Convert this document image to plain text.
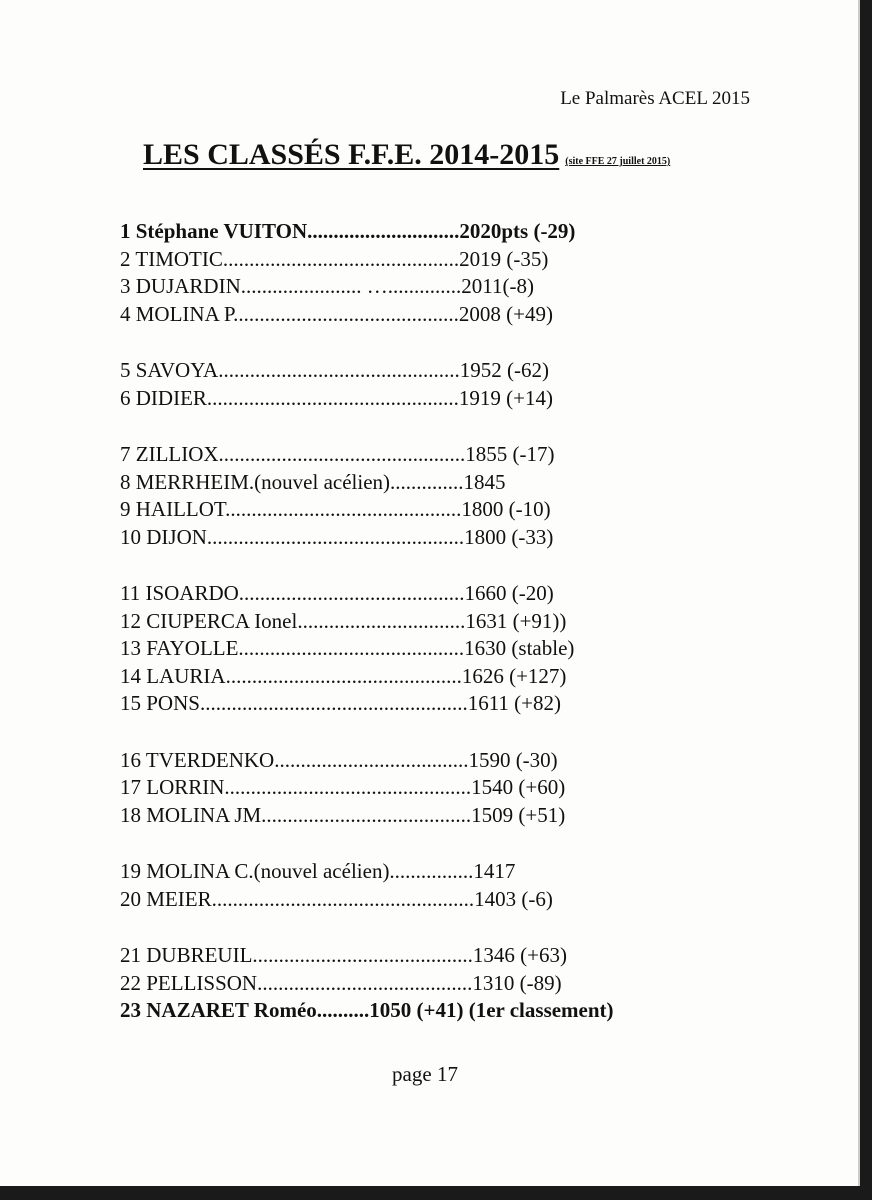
Le Palmarès ACEL 2015
LES CLASSÉS F.F.E. 2014-2015 (site FFE 27 juillet 2015)
1 Stéphane VUITON.............................2020pts (-29)
2 TIMOTIC.............................................2019 (-35)
3 DUJARDIN....................... …..............2011(-8)
4 MOLINA P...........................................2008 (+49)
5 SAVOYA..............................................1952 (-62)
6 DIDIER................................................1919 (+14)
7 ZILLIOX...............................................1855 (-17)
8 MERRHEIM.(nouvel acélien)..............1845
9 HAILLOT.............................................1800 (-10)
10 DIJON.................................................1800 (-33)
11 ISOARDO...........................................1660 (-20)
12 CIUPERCA Ionel................................1631 (+91))
13 FAYOLLE...........................................1630 (stable)
14 LAURIA.............................................1626 (+127)
15 PONS...................................................1611 (+82)
16 TVERDENKO.....................................1590 (-30)
17 LORRIN...............................................1540 (+60)
18 MOLINA JM........................................1509 (+51)
19 MOLINA C.(nouvel acélien)................1417
20 MEIER..................................................1403 (-6)
21 DUBREUIL..........................................1346 (+63)
22 PELLISSON.........................................1310 (-89)
23 NAZARET Roméo..........1050 (+41) (1er classement)
page 17
